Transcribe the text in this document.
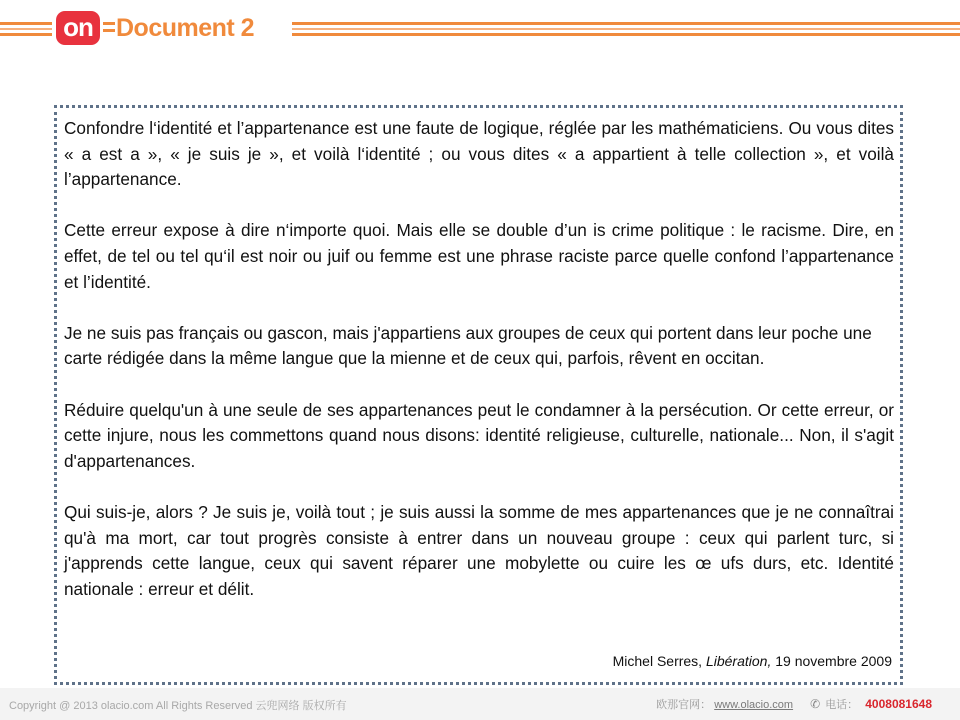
on Document 2

Confondre l‘identité et l’appartenance est une faute de logique, réglée par les mathématiciens. Ou vous dites « a est a », « je suis je », et voilà l‘identité ; ou vous dites « a appartient à telle collection », et voilà l’appartenance.

Cette erreur expose à dire n‘importe quoi. Mais elle se double d’un is crime politique : le racisme. Dire, en effet, de tel ou tel qu‘il est noir ou juif ou femme est une phrase raciste parce quelle confond l’appartenance et l’identité.

Je ne suis pas français ou gascon, mais j'appartiens aux groupes de ceux qui portent dans leur poche une carte rédigée dans la même langue que la mienne et de ceux qui, parfois, rêvent en occitan.

Réduire quelqu'un à une seule de ses appartenances peut le condamner à la persécution. Or cette erreur, or cette injure, nous les commettons quand nous disons: identité religieuse, culturelle, nationale... Non, il s'agit d'appartenances.

Qui suis-je, alors ? Je suis je, voilà tout ; je suis aussi la somme de mes appartenances que je ne connaîtrai qu'à ma mort, car tout progrès consiste à entrer dans un nouveau groupe : ceux qui parlent turc, si j'apprends cette langue, ceux qui savent réparer une mobylette ou cuire les œ ufs durs, etc. Identité nationale : erreur et délit.

Michel Serres, Libération, 19 novembre 2009
Copyright @ 2013 olacio.com All Rights Reserved 云兜网络 版权所有	欧那官网： www.olacio.com ✆ 电话： 4008081648
